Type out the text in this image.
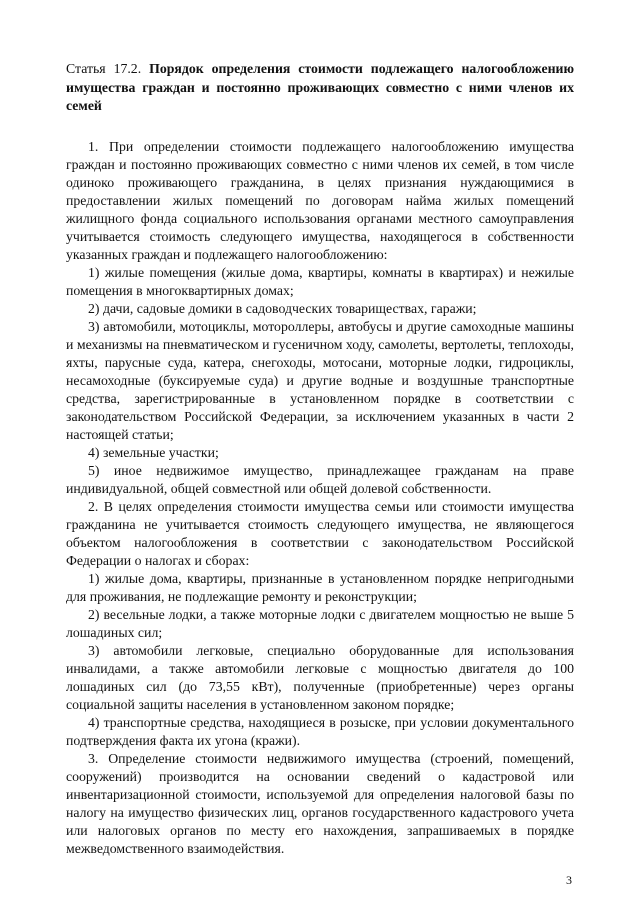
Статья 17.2. Порядок определения стоимости подлежащего налогообложению имущества граждан и постоянно проживающих совместно с ними членов их семей

1. При определении стоимости подлежащего налогообложению имущества граждан и постоянно проживающих совместно с ними членов их семей, в том числе одиноко проживающего гражданина, в целях признания нуждающимися в предоставлении жилых помещений по договорам найма жилых помещений жилищного фонда социального использования органами местного самоуправления учитывается стоимость следующего имущества, находящегося в собственности указанных граждан и подлежащего налогообложению:

1) жилые помещения (жилые дома, квартиры, комнаты в квартирах) и нежилые помещения в многоквартирных домах;

2) дачи, садовые домики в садоводческих товариществах, гаражи;

3) автомобили, мотоциклы, мотороллеры, автобусы и другие самоходные машины и механизмы на пневматическом и гусеничном ходу, самолеты, вертолеты, теплоходы, яхты, парусные суда, катера, снегоходы, мотосани, моторные лодки, гидроциклы, несамоходные (буксируемые суда) и другие водные и воздушные транспортные средства, зарегистрированные в установленном порядке в соответствии с законодательством Российской Федерации, за исключением указанных в части 2 настоящей статьи;

4) земельные участки;

5) иное недвижимое имущество, принадлежащее гражданам на праве индивидуальной, общей совместной или общей долевой собственности.

2. В целях определения стоимости имущества семьи или стоимости имущества гражданина не учитывается стоимость следующего имущества, не являющегося объектом налогообложения в соответствии с законодательством Российской Федерации о налогах и сборах:

1) жилые дома, квартиры, признанные в установленном порядке непригодными для проживания, не подлежащие ремонту и реконструкции;

2) весельные лодки, а также моторные лодки с двигателем мощностью не выше 5 лошадиных сил;

3) автомобили легковые, специально оборудованные для использования инвалидами, а также автомобили легковые с мощностью двигателя до 100 лошадиных сил (до 73,55 кВт), полученные (приобретенные) через органы социальной защиты населения в установленном законом порядке;

4) транспортные средства, находящиеся в розыске, при условии документального подтверждения факта их угона (кражи).

3. Определение стоимости недвижимого имущества (строений, помещений, сооружений) производится на основании сведений о кадастровой или инвентаризационной стоимости, используемой для определения налоговой базы по налогу на имущество физических лиц, органов государственного кадастрового учета или налоговых органов по месту его нахождения, запрашиваемых в порядке межведомственного взаимодействия.

3
